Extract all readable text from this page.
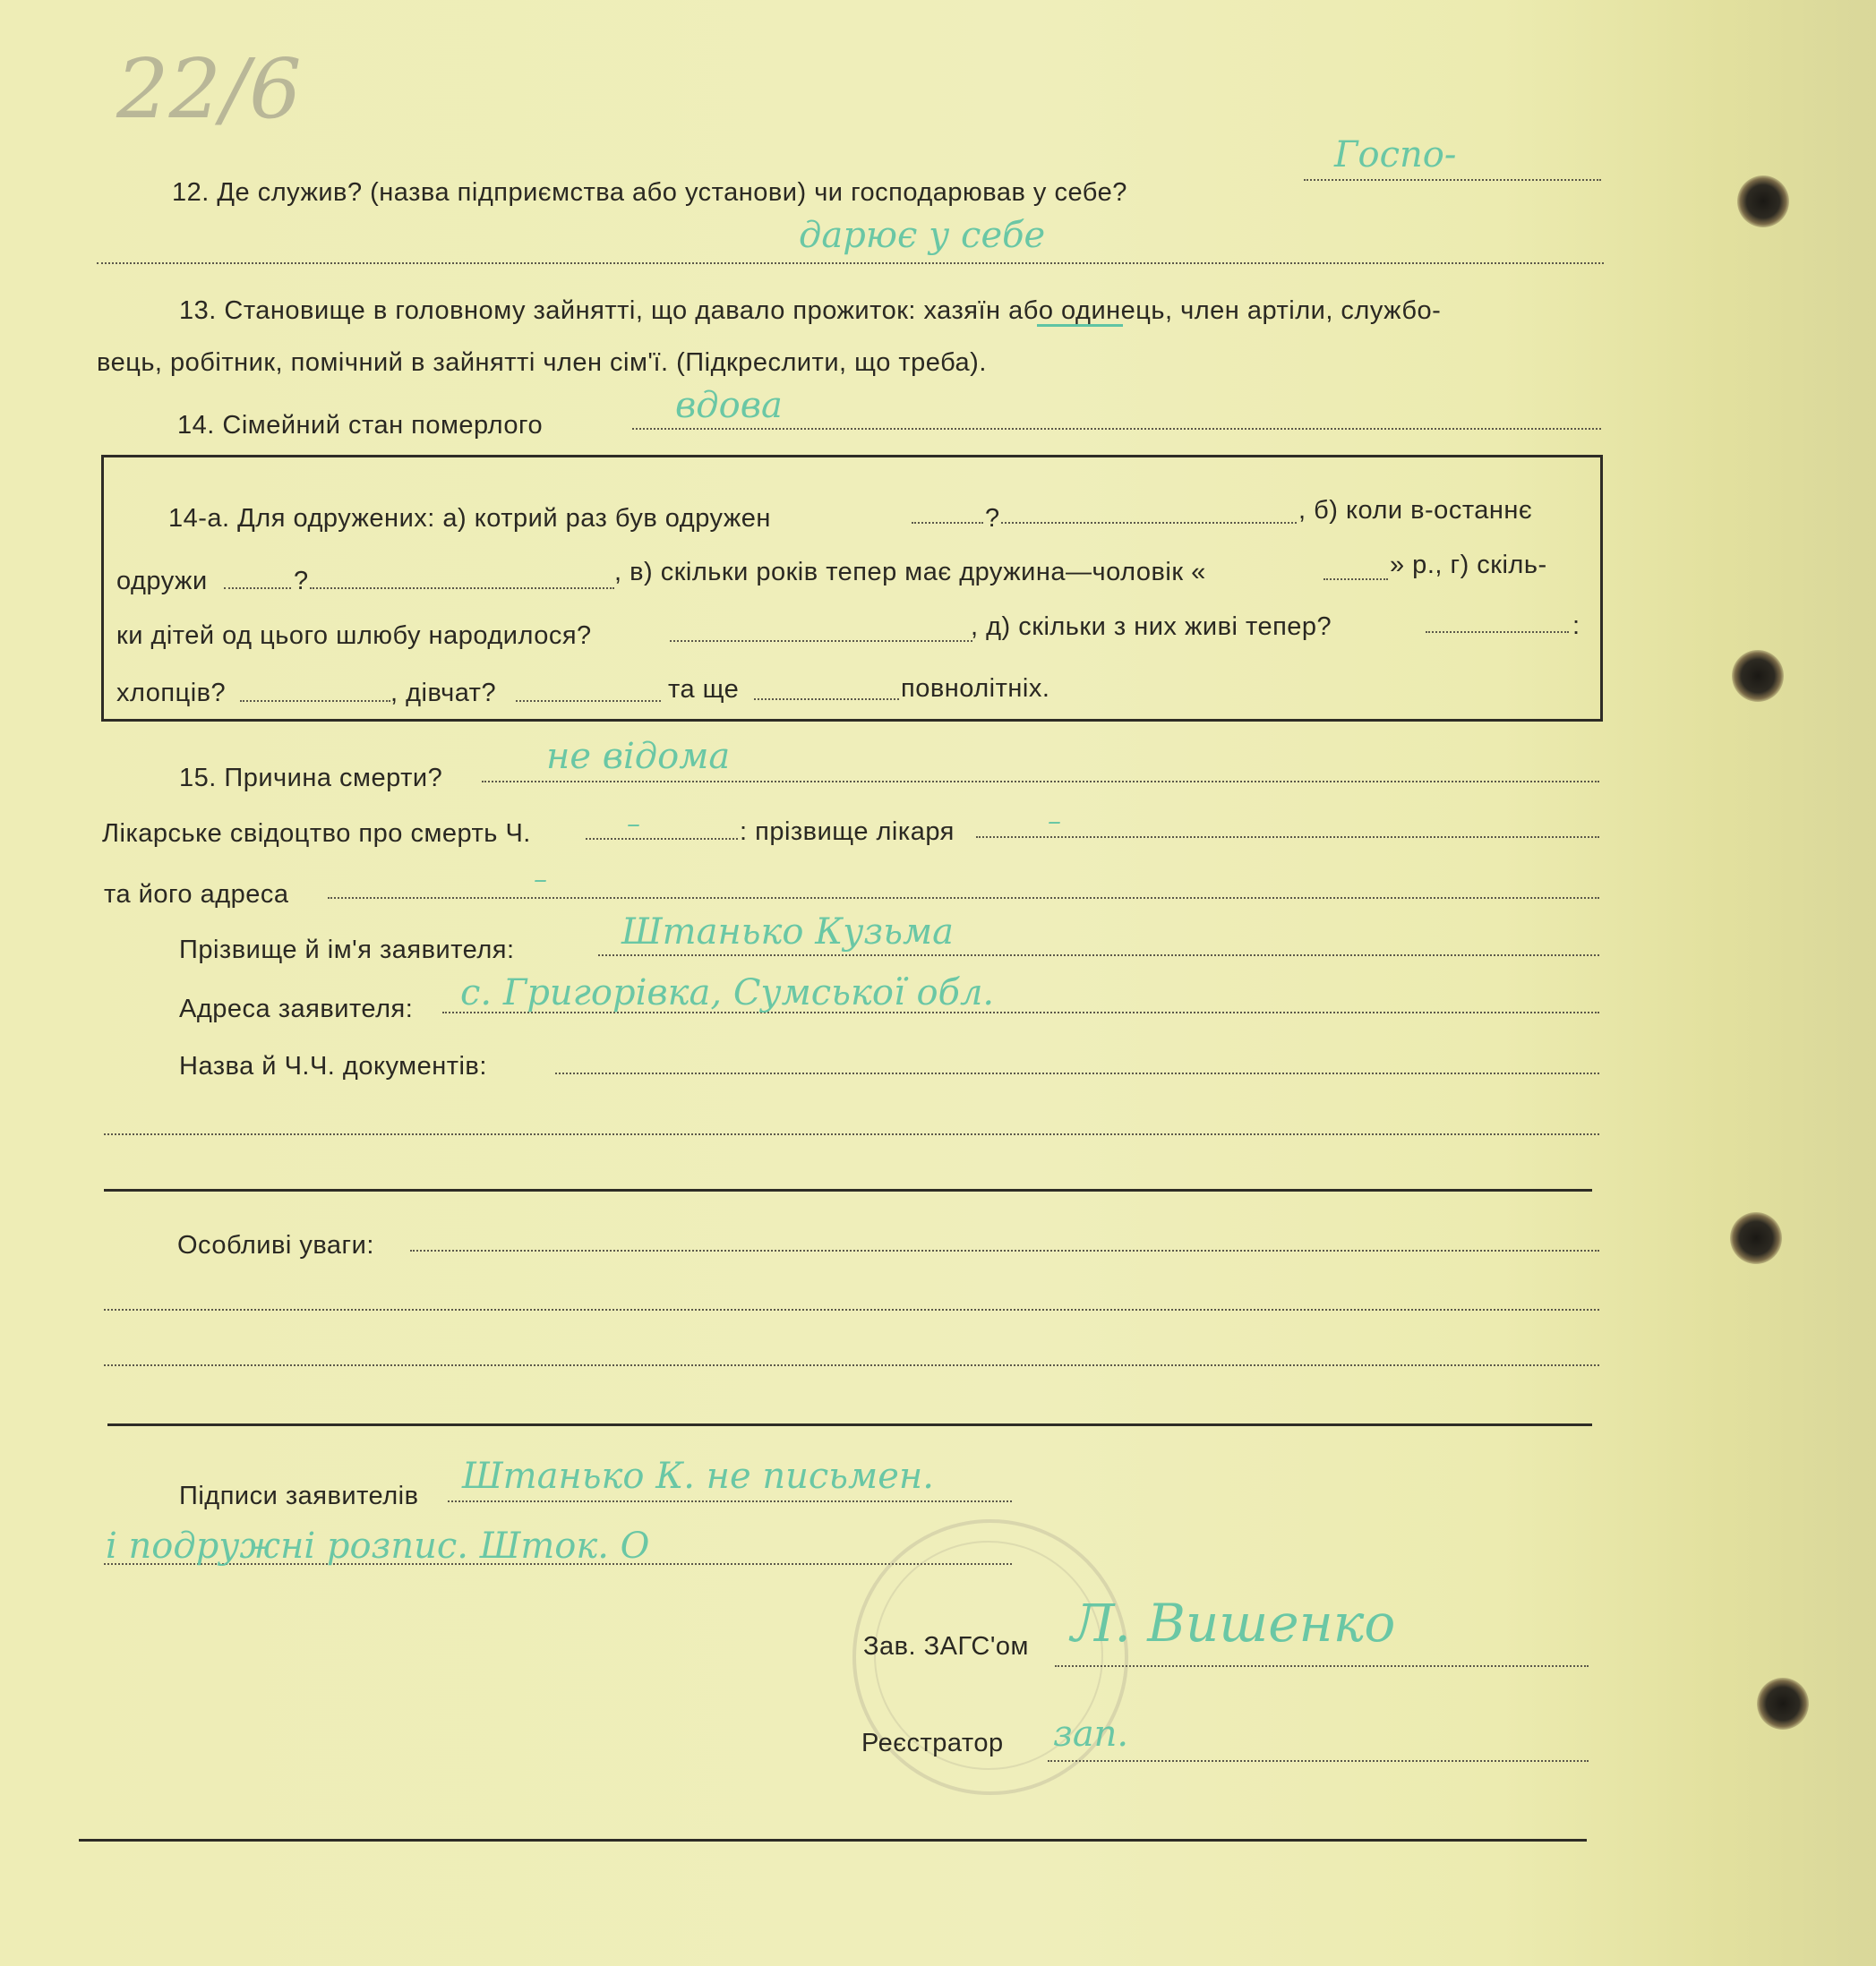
22/6
12. Де служив? (назва підприємства або установи) чи господарював у себе?
Госпо-
дарює у себе
13. Становище в головному зайнятті, що давало прожиток: хазяїн або одинець, член артіли, службо-
вець, робітник, помічний в зайнятті член сім'ї. (Підкреслити, що треба).
14. Сімейний стан померлого	вдова
14-а. Для одружених: а) котрий раз був одружен	?	, б) коли в-останнє
одружи	?	, в) скільки років тепер має дружина—чоловік «	» р., г) скіль-
ки дітей од цього шлюбу народилося?	, д) скільки з них живі тепер?	:
хлопців?	, дівчат?	та ще	повнолітніх.
15. Причина смерти?
не відома
Лікарське свідоцтво про смерть Ч.	–	: прізвище лікаря	–
та його адреса	–
Прізвище й ім'я заявителя:	Штанько Кузьма
Адреса заявителя: с. Григорівка, Сумської обл.
Назва й Ч.Ч. документів:
Особливі уваги:
Підписи заявителів Штанько К. не письмен.
і подружні розпис. Шток. О
Зав. ЗАГС'ом Л. Вишенко
Реєстратор зап.
